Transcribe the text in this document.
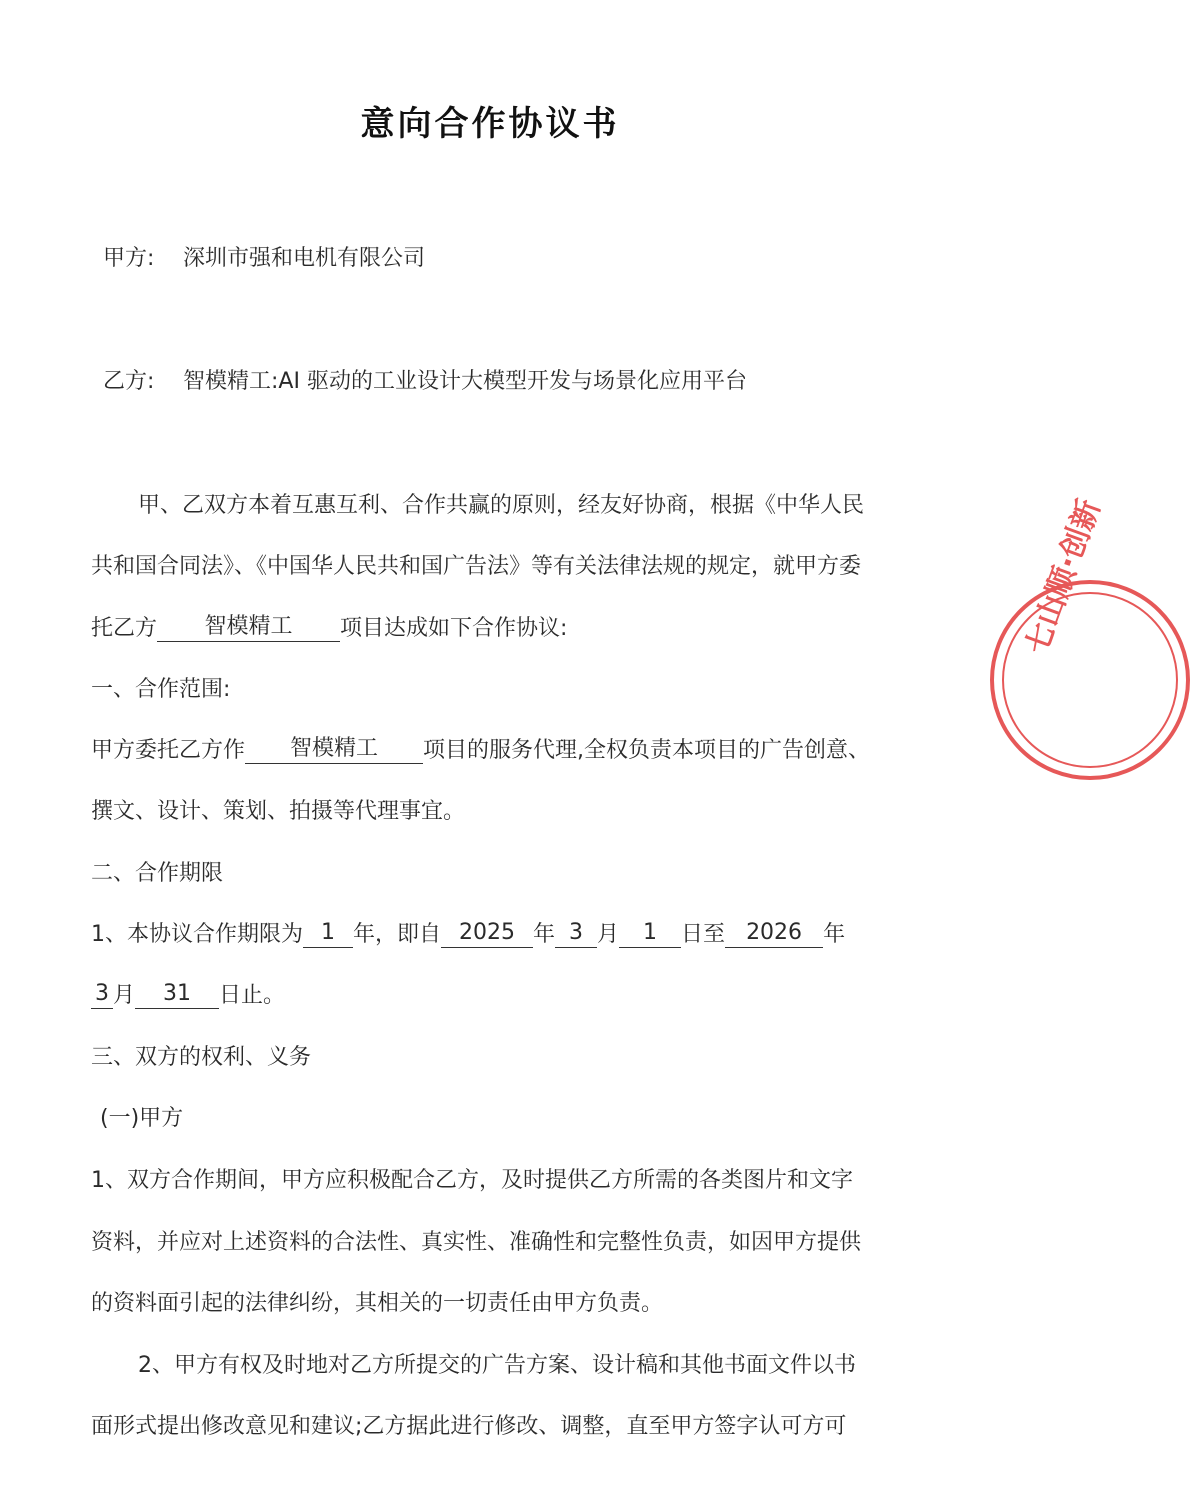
意向合作协议书
甲方: 深圳市强和电机有限公司
乙方: 智模精工:AI 驱动的工业设计大模型开发与场景化应用平台
甲、乙双方本着互惠互利、合作共赢的原则，经友好协商，根据《中华人民
共和国合同法》、《中国华人民共和国广告法》等有关法律法规的规定，就甲方委
托乙方 智模精工 项目达成如下合作协议:
一、合作范围:
甲方委托乙方作 智模精工 项目的服务代理,全权负责本项目的广告创意、
撰文、设计、策划、拍摄等代理事宜。
二、合作期限
1、本协议合作期限为 1 年，即自 2025 年 3 月 1 日至 2026 年
3 月 31 日止。
三、双方的权利、义务
(一)甲方
1、双方合作期间，甲方应积极配合乙方，及时提供乙方所需的各类图片和文字
资料，并应对上述资料的合法性、真实性、准确性和完整性负责，如因甲方提供
的资料面引起的法律纠纷，其相关的一切责任由甲方负责。
2、甲方有权及时地对乙方所提交的广告方案、设计稿和其他书面文件以书
面形式提出修改意见和建议;乙方据此进行修改、调整，直至甲方签字认可方可
七山顺·创新
